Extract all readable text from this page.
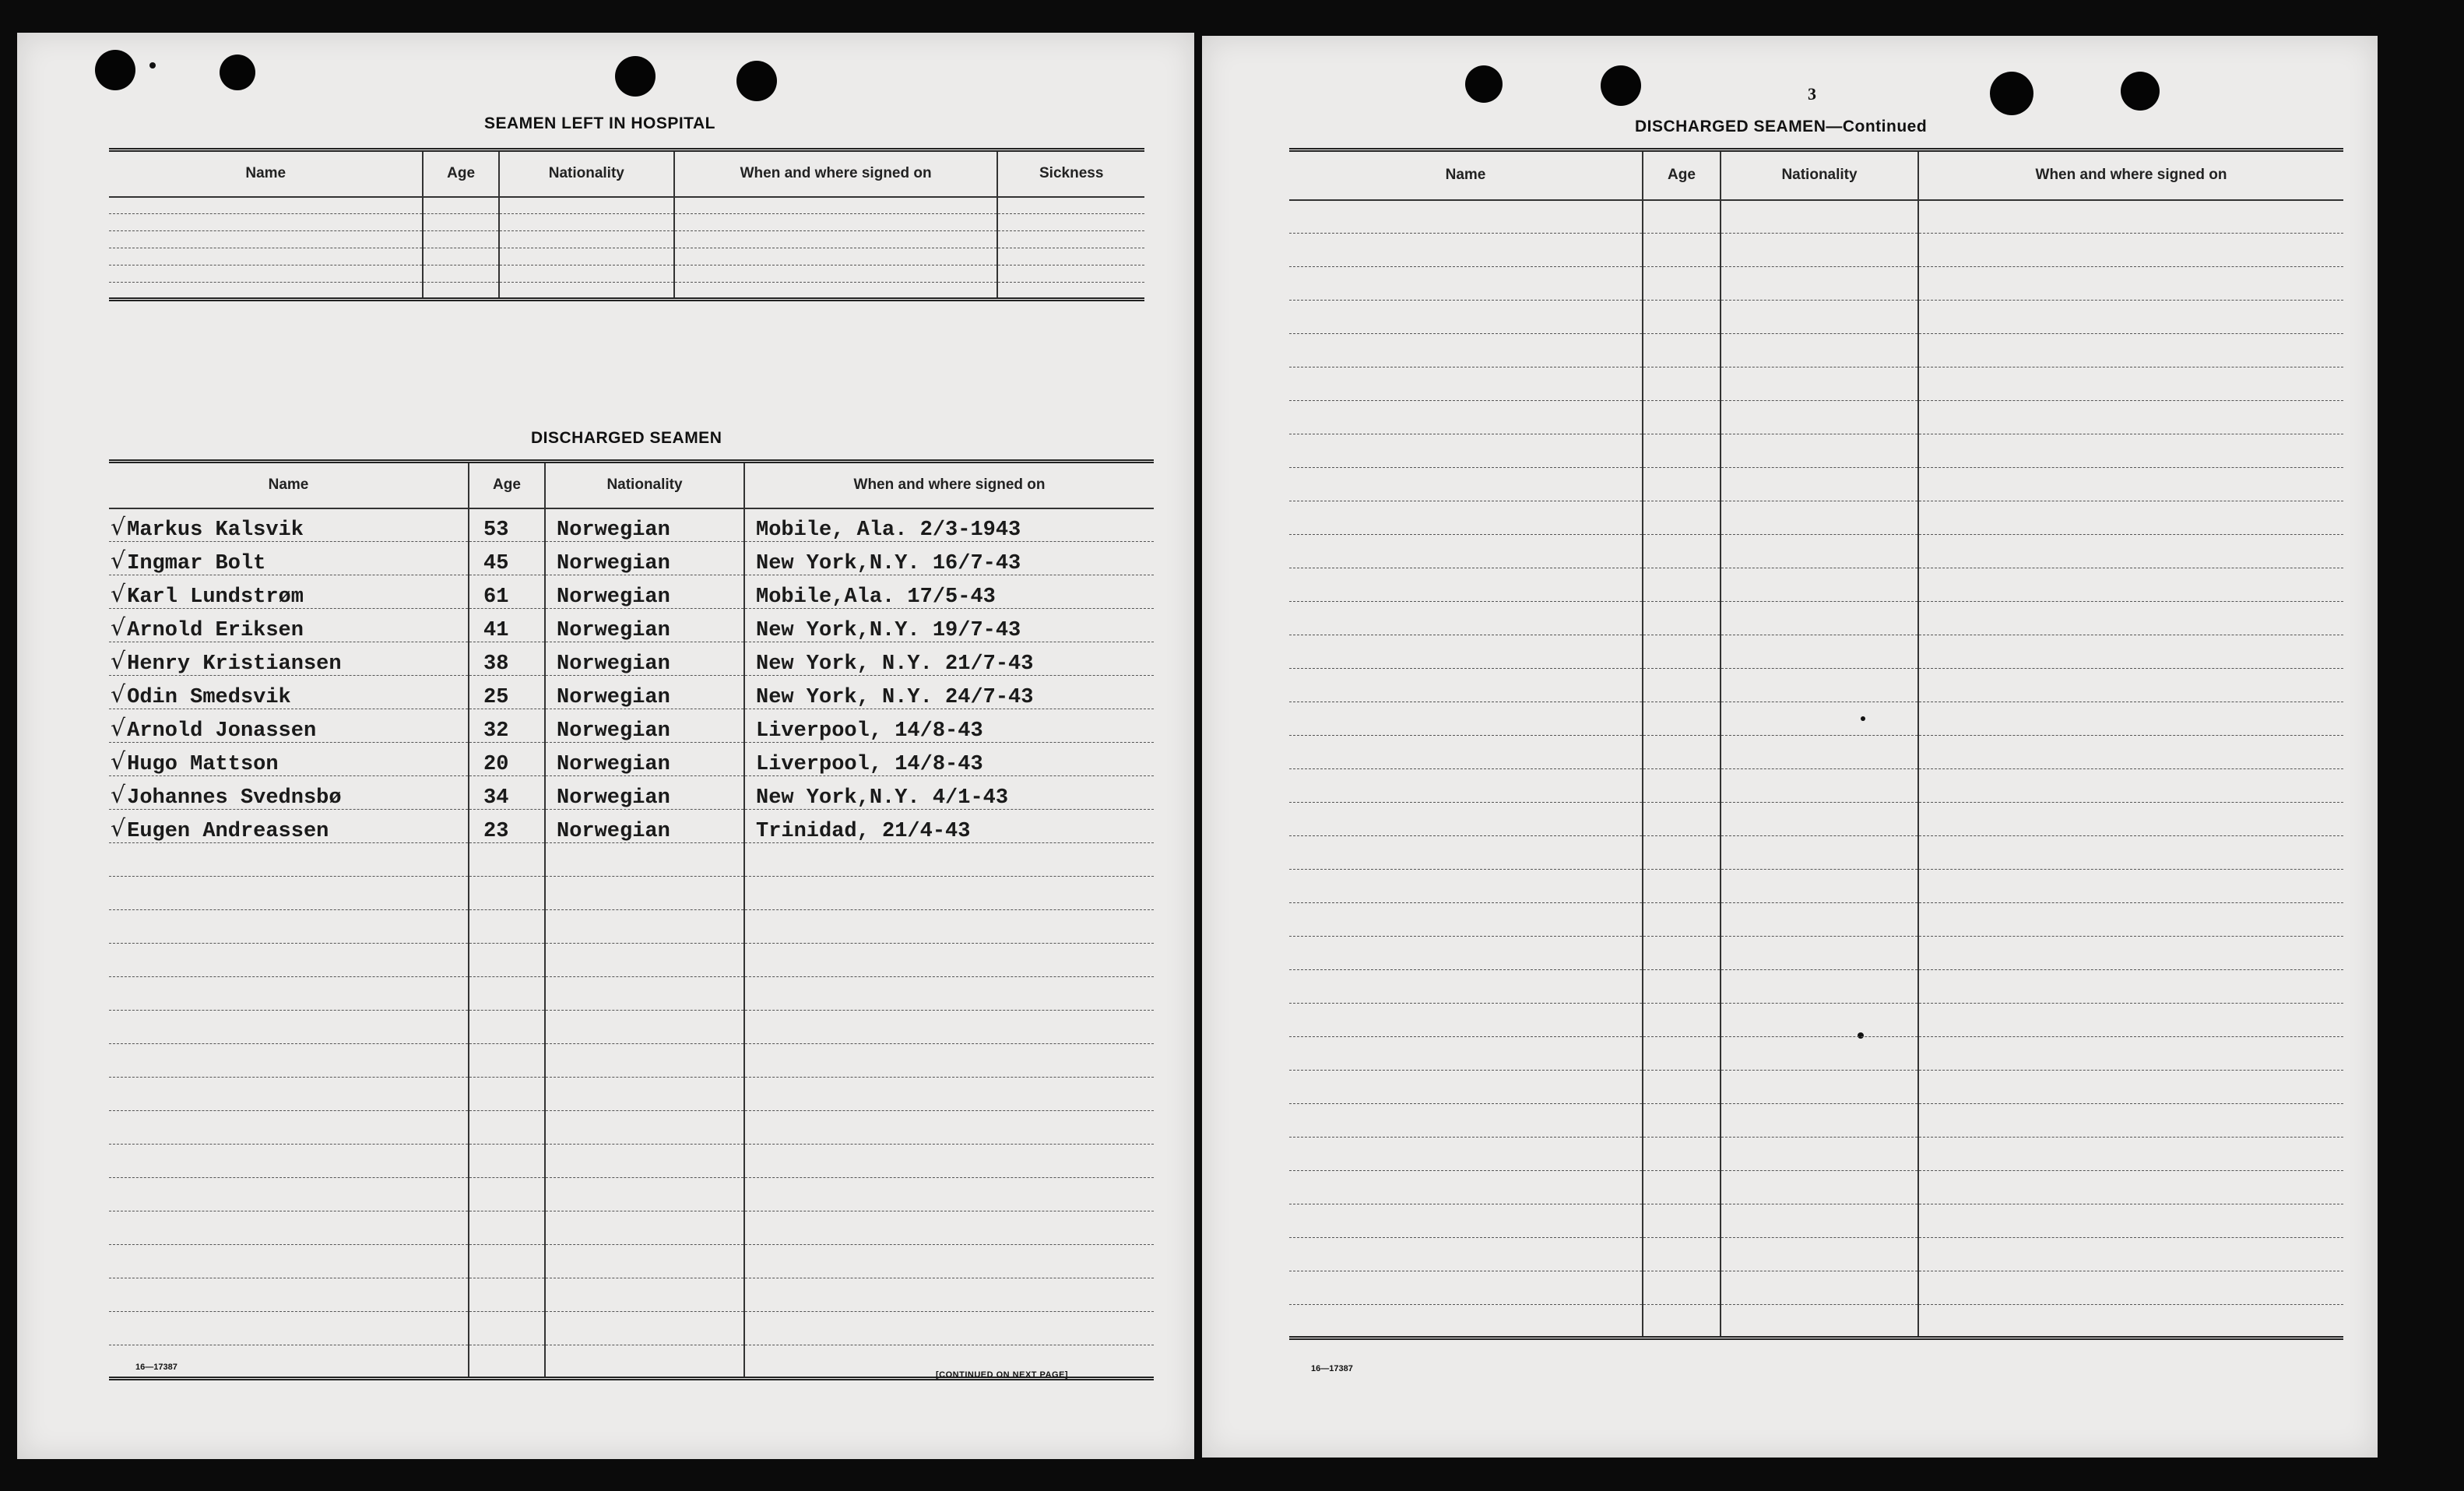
SEAMEN LEFT IN HOSPITAL
Name	Age	Nationality	When and where signed on	Sickness

DISCHARGED SEAMEN
Name	Age	Nationality	When and where signed on
√Markus Kalsvik	53	Norwegian	Mobile, Ala. 2/3-1943
√Ingmar Bolt	45	Norwegian	New York,N.Y. 16/7-43
√Karl Lundstrøm	61	Norwegian	Mobile,Ala. 17/5-43
√Arnold Eriksen	41	Norwegian	New York,N.Y. 19/7-43
√Henry Kristiansen	38	Norwegian	New York, N.Y. 21/7-43
√Odin Smedsvik	25	Norwegian	New York, N.Y. 24/7-43
√Arnold Jonassen	32	Norwegian	Liverpool, 14/8-43
√Hugo Mattson	20	Norwegian	Liverpool, 14/8-43
√Johannes Svednsbø	34	Norwegian	New York,N.Y. 4/1-43
√Eugen Andreassen	23	Norwegian	Trinidad, 21/4-43

16—17387
[CONTINUED ON NEXT PAGE]
3
DISCHARGED SEAMEN—Continued
Name	Age	Nationality	When and where signed on

16—17387
